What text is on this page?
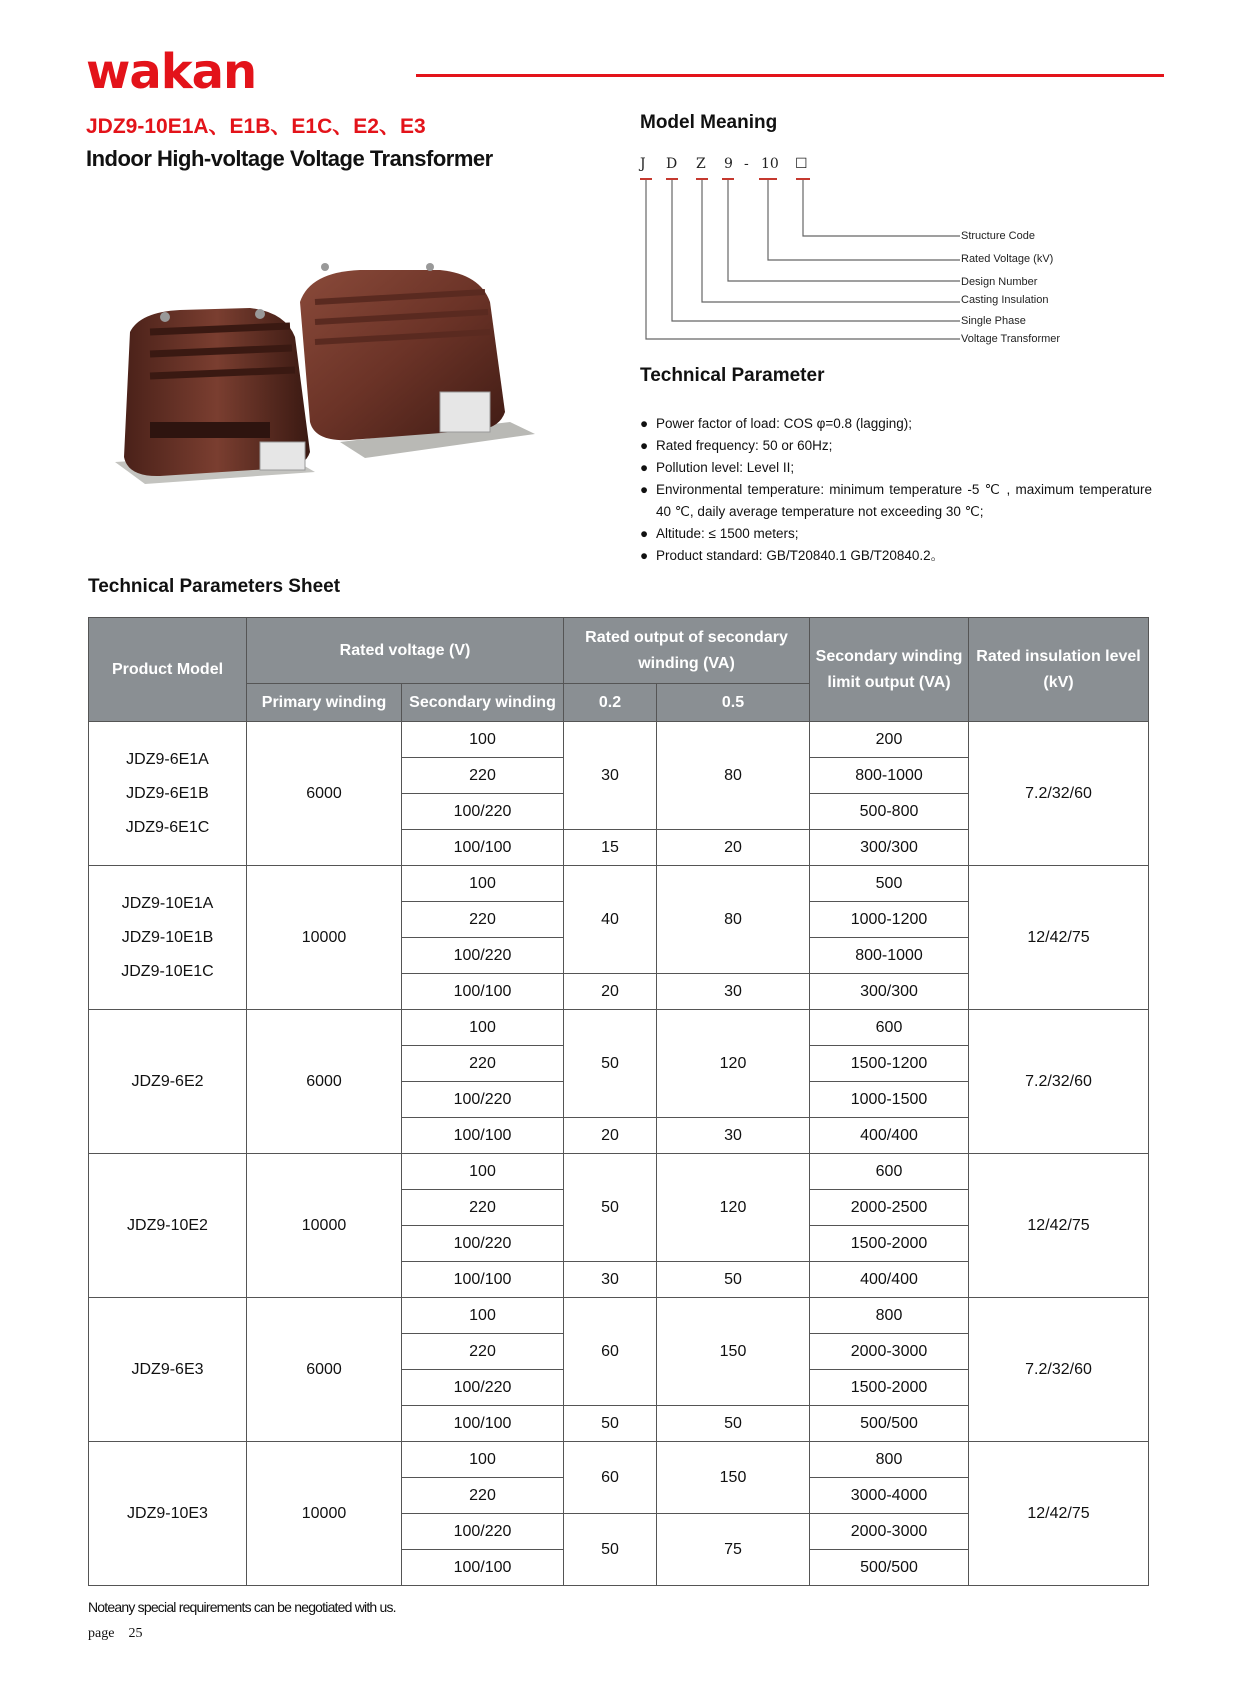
wakan
JDZ9-10E1A、E1B、E1C、E2、E3
Indoor High-voltage Voltage Transformer
Model Meaning
J D Z 9 - 10 ☐
Structure Code
Rated Voltage (kV)
Design Number
Casting Insulation
Single Phase
Voltage Transformer
Technical Parameter
● Power factor of load: COS φ=0.8 (lagging);
● Rated frequency: 50 or 60Hz;
● Pollution level: Level II;
● Environmental temperature: minimum temperature -5 ℃ , maximum temperature 40 ℃, daily average temperature not exceeding 30 ℃;
● Altitude: ≤ 1500 meters;
● Product standard: GB/T20840.1 GB/T20840.2。
Technical Parameters Sheet
Product Model	Rated voltage (V)		Rated output of secondary winding (VA)		Secondary winding limit output (VA)	Rated insulation level (kV)
	Primary winding	Secondary winding	0.2	0.5		

JDZ9-6E1A
JDZ9-6E1B
JDZ9-6E1C	6000	100	30	80	200	7.2/32/60
		220			800-1000	
		100/220			500-800	
		100/100	15	20	300/300	

JDZ9-10E1A
JDZ9-10E1B
JDZ9-10E1C	10000	100	40	80	500	12/42/75
		220			1000-1200	
		100/220			800-1000	
		100/100	20	30	300/300	
JDZ9-6E2	6000	100	50	120	600	7.2/32/60
		220			1500-1200	
		100/220			1000-1500	
		100/100	20	30	400/400	
JDZ9-10E2	10000	100	50	120	600	12/42/75
		220			2000-2500	
		100/220			1500-2000	
		100/100	30	50	400/400	
JDZ9-6E3	6000	100	60	150	800	7.2/32/60
		220			2000-3000	
		100/220			1500-2000	
		100/100	50	50	500/500	
JDZ9-10E3	10000	100	60	150	800	12/42/75
		220			3000-4000	
		100/220	50	75	2000-3000	
		100/100			500/500	
Noteany special requirements can be negotiated with us.
page 25
